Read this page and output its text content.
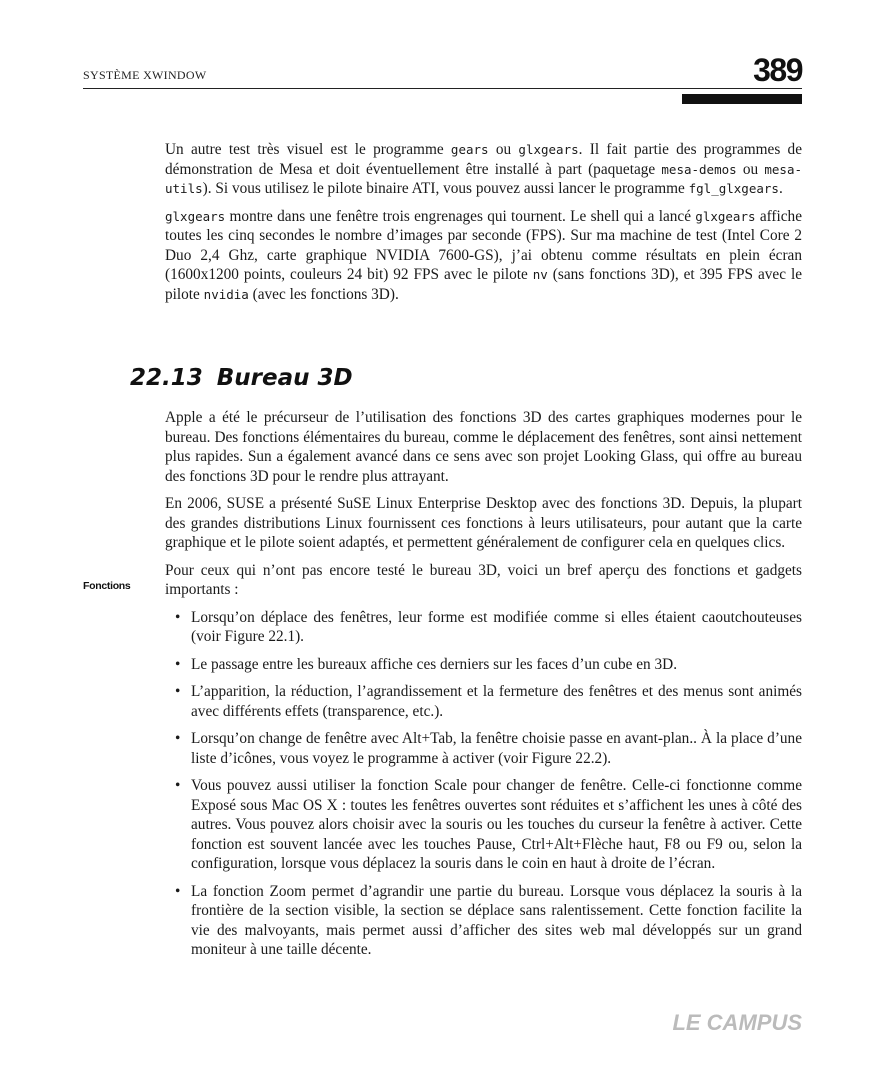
SYSTÈME XWINDOW	389

Un autre test très visuel est le programme gears ou glxgears. Il fait partie des programmes de démonstration de Mesa et doit éventuellement être installé à part (paquetage mesa-demos ou mesa-utils). Si vous utilisez le pilote binaire ATI, vous pouvez aussi lancer le programme fgl_glxgears.

glxgears montre dans une fenêtre trois engrenages qui tournent. Le shell qui a lancé glxgears affiche toutes les cinq secondes le nombre d’images par seconde (FPS). Sur ma machine de test (Intel Core 2 Duo 2,4 Ghz, carte graphique NVIDIA 7600-GS), j’ai obtenu comme résultats en plein écran (1600x1200 points, couleurs 24 bit) 92 FPS avec le pilote nv (sans fonctions 3D), et 395 FPS avec le pilote nvidia (avec les fonctions 3D).

22.13 Bureau 3D
Fonctions

Apple a été le précurseur de l’utilisation des fonctions 3D des cartes graphiques modernes pour le bureau. Des fonctions élémentaires du bureau, comme le déplacement des fenêtres, sont ainsi nettement plus rapides. Sun a également avancé dans ce sens avec son projet Looking Glass, qui offre au bureau des fonctions 3D pour le rendre plus attrayant.

En 2006, SUSE a présenté SuSE Linux Enterprise Desktop avec des fonctions 3D. Depuis, la plupart des grandes distributions Linux fournissent ces fonctions à leurs utilisateurs, pour autant que la carte graphique et le pilote soient adaptés, et permettent généralement de configurer cela en quelques clics.

Pour ceux qui n’ont pas encore testé le bureau 3D, voici un bref aperçu des fonctions et gadgets importants :

• Lorsqu’on déplace des fenêtres, leur forme est modifiée comme si elles étaient caoutchouteuses (voir Figure 22.1).
• Le passage entre les bureaux affiche ces derniers sur les faces d’un cube en 3D.
• L’apparition, la réduction, l’agrandissement et la fermeture des fenêtres et des menus sont animés avec différents effets (transparence, etc.).
• Lorsqu’on change de fenêtre avec Alt+Tab, la fenêtre choisie passe en avant-plan.. À la place d’une liste d’icônes, vous voyez le programme à activer (voir Figure 22.2).
• Vous pouvez aussi utiliser la fonction Scale pour changer de fenêtre. Celle-ci fonctionne comme Exposé sous Mac OS X : toutes les fenêtres ouvertes sont réduites et s’affichent les unes à côté des autres. Vous pouvez alors choisir avec la souris ou les touches du curseur la fenêtre à activer. Cette fonction est souvent lancée avec les touches Pause, Ctrl+Alt+Flèche haut, F8 ou F9 ou, selon la configuration, lorsque vous déplacez la souris dans le coin en haut à droite de l’écran.
• La fonction Zoom permet d’agrandir une partie du bureau. Lorsque vous déplacez la souris à la frontière de la section visible, la section se déplace sans ralentissement. Cette fonction facilite la vie des malvoyants, mais permet aussi d’afficher des sites web mal développés sur un grand moniteur à une taille décente.
LE CAMPUS
